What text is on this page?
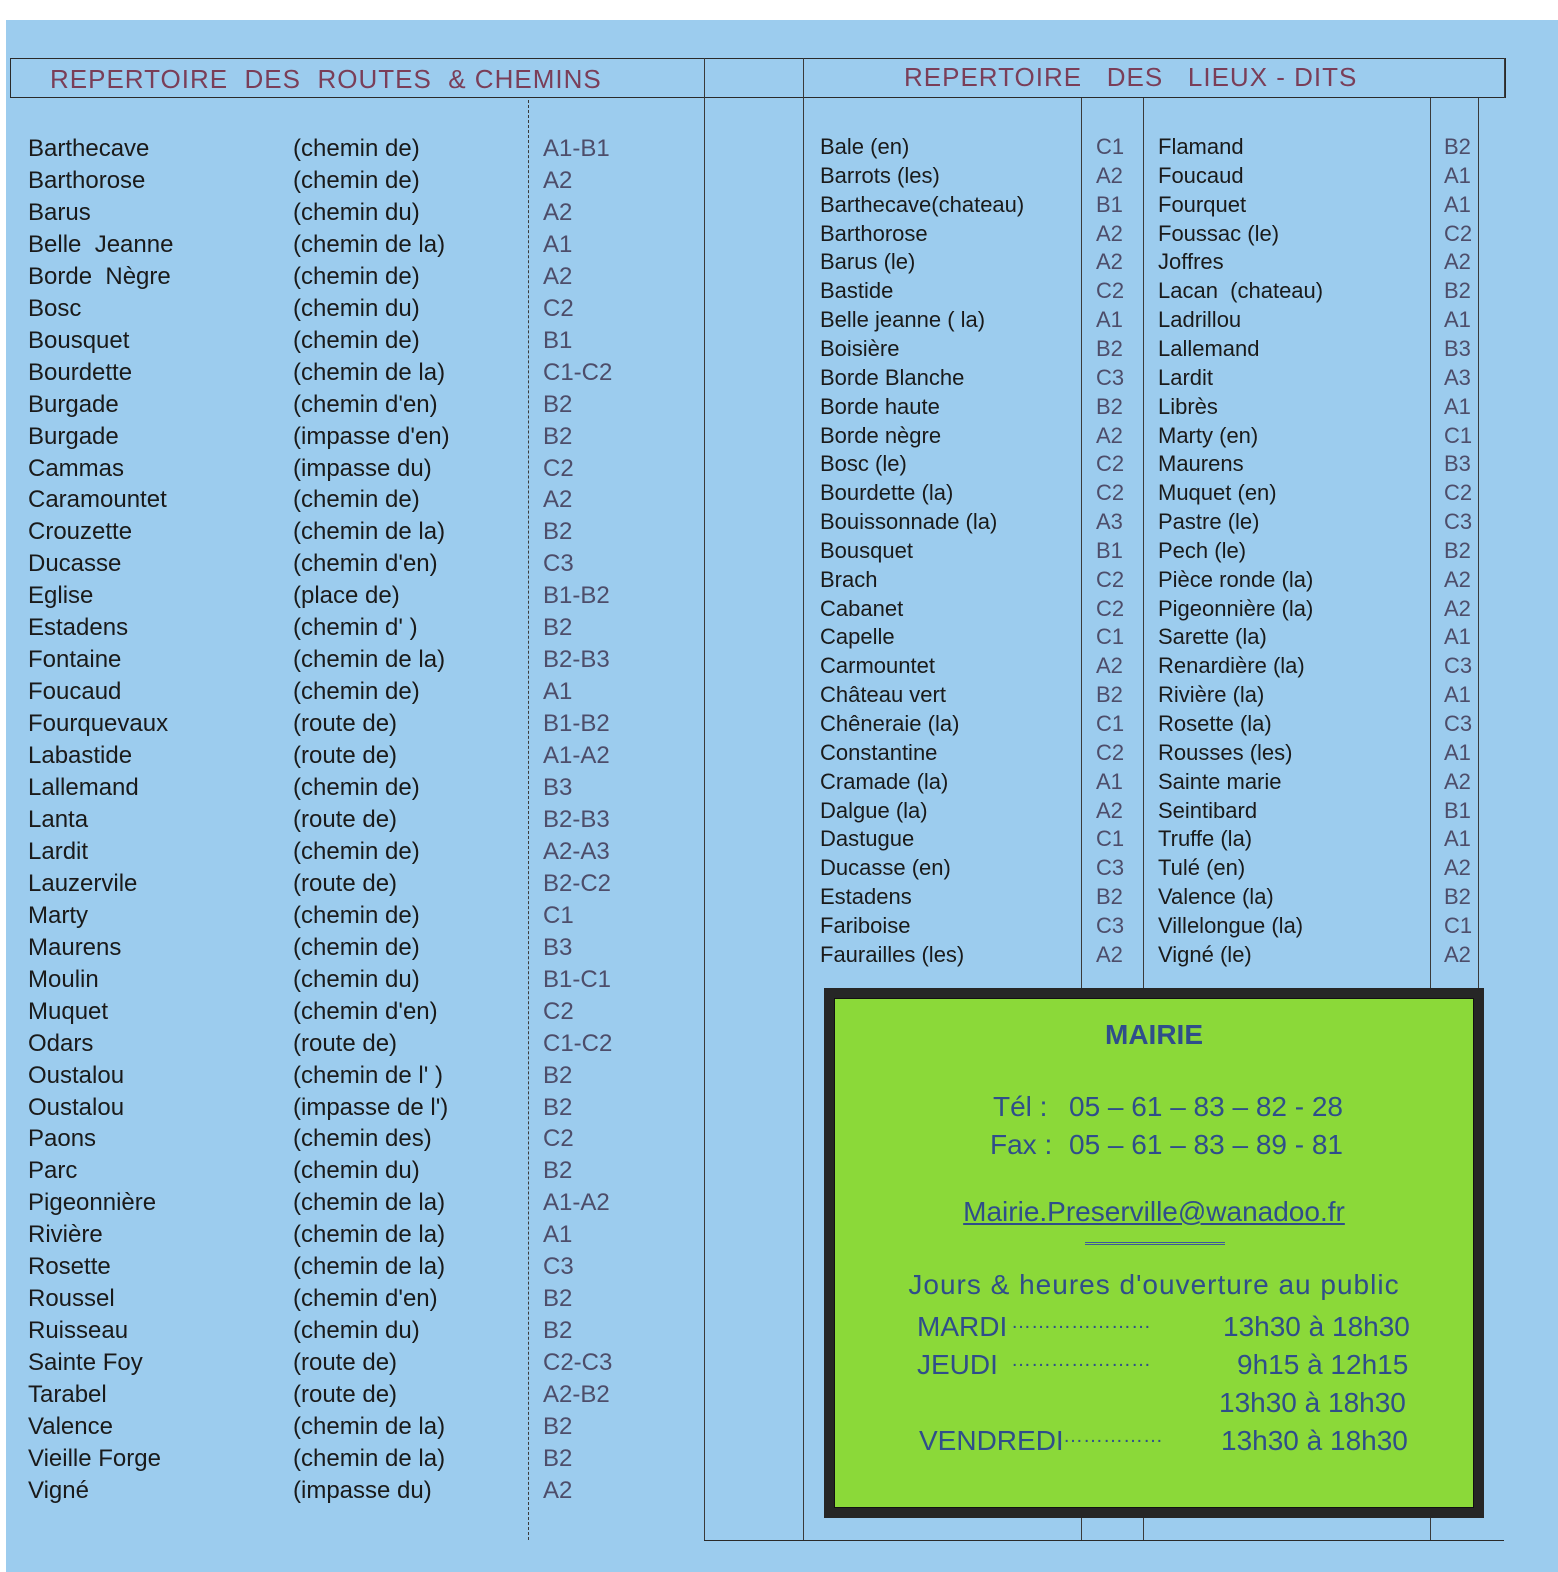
REPERTOIRE  DES  ROUTES  & CHEMINS	REPERTOIRE   DES   LIEUX - DITS
Barthecave	(chemin de)	A1-B1
Barthorose	(chemin de)	A2
Barus	(chemin du)	A2
Belle  Jeanne	(chemin de la)	A1
Borde  Nègre	(chemin de)	A2
Bosc	(chemin du)	C2
Bousquet	(chemin de)	B1
Bourdette	(chemin de la)	C1-C2
Burgade	(chemin d'en)	B2
Burgade	(impasse d'en)	B2
Cammas	(impasse du)	C2
Caramountet	(chemin de)	A2
Crouzette	(chemin de la)	B2
Ducasse	(chemin d'en)	C3
Eglise	(place de)	B1-B2
Estadens	(chemin d' )	B2
Fontaine	(chemin de la)	B2-B3
Foucaud	(chemin de)	A1
Fourquevaux	(route de)	B1-B2
Labastide	(route de)	A1-A2
Lallemand	(chemin de)	B3
Lanta	(route de)	B2-B3
Lardit	(chemin de)	A2-A3
Lauzervile	(route de)	B2-C2
Marty	(chemin de)	C1
Maurens	(chemin de)	B3
Moulin	(chemin du)	B1-C1
Muquet	(chemin d'en)	C2
Odars	(route de)	C1-C2
Oustalou	(chemin de l' )	B2
Oustalou	(impasse de l')	B2
Paons	(chemin des)	C2
Parc	(chemin du)	B2
Pigeonnière	(chemin de la)	A1-A2
Rivière	(chemin de la)	A1
Rosette	(chemin de la)	C3
Roussel	(chemin d'en)	B2
Ruisseau	(chemin du)	B2
Sainte Foy	(route de)	C2-C3
Tarabel	(route de)	A2-B2
Valence	(chemin de la)	B2
Vieille Forge	(chemin de la)	B2
Vigné	(impasse du)	A2
Bale (en)	C1
Barrots (les)	A2
Barthecave(chateau)	B1
Barthorose	A2
Barus (le)	A2
Bastide	C2
Belle jeanne ( la)	A1
Boisière	B2
Borde Blanche	C3
Borde haute	B2
Borde nègre	A2
Bosc (le)	C2
Bourdette (la)	C2
Bouissonnade (la)	A3
Bousquet	B1
Brach	C2
Cabanet	C2
Capelle	C1
Carmountet	A2
Château vert	B2
Chêneraie (la)	C1
Constantine	C2
Cramade (la)	A1
Dalgue (la)	A2
Dastugue	C1
Ducasse (en)	C3
Estadens	B2
Fariboise	C3
Faurailles (les)	A2
Flamand	B2
Foucaud	A1
Fourquet	A1
Foussac (le)	C2
Joffres	A2
Lacan  (chateau)	B2
Ladrillou	A1
Lallemand	B3
Lardit	A3
Librès	A1
Marty (en)	C1
Maurens	B3
Muquet (en)	C2
Pastre (le)	C3
Pech (le)	B2
Pièce ronde (la)	A2
Pigeonnière (la)	A2
Sarette (la)	A1
Renardière (la)	C3
Rivière (la)	A1
Rosette (la)	C3
Rousses (les)	A1
Sainte marie	A2
Seintibard	B1
Truffe (la)	A1
Tulé (en)	A2
Valence (la)	B2
Villelongue (la)	C1
Vigné (le)	A2
MAIRIE
Tél : 05 – 61 – 83 – 82 - 28
Fax : 05 – 61 – 83 – 89 - 81
Mairie.Preserville@wanadoo.fr
Jours & heures d'ouverture au public
MARDI …………………	13h30 à 18h30
JEUDI …………………	9h15 à 12h15
13h30 à 18h30
VENDREDI …………… 13h30 à 18h30
